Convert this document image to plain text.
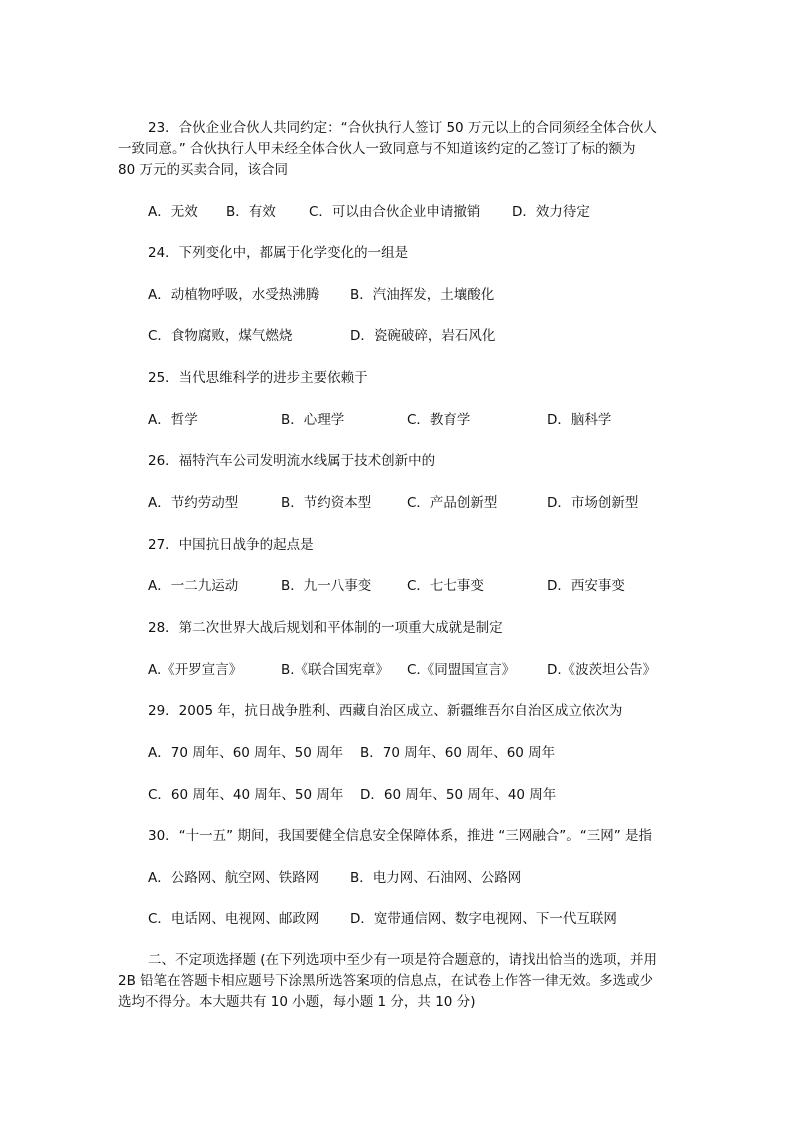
23．合伙企业合伙人共同约定：“合伙执行人签订 50 万元以上的合同须经全体合伙人
一致同意。” 合伙执行人甲未经全体合伙人一致同意与不知道该约定的乙签订了标的额为
80 万元的买卖合同，该合同
A．无效 B．有效 C．可以由合伙企业申请撤销 D．效力待定
24．下列变化中，都属于化学变化的一组是
A．动植物呼吸，水受热沸腾 B．汽油挥发，土壤酸化
C．食物腐败，煤气燃烧	D．瓷碗破碎，岩石风化
25．当代思维科学的进步主要依赖于
A．哲学	B．心理学	C．教育学	D．脑科学
26．福特汽车公司发明流水线属于技术创新中的
A．节约劳动型	B．节约资本型	C．产品创新型	D．市场创新型
27．中国抗日战争的起点是
A．一二九运动	B．九一八事变	C．七七事变	D．西安事变
28．第二次世界大战后规划和平体制的一项重大成就是制定
A.《开罗宣言》	B.《联合国宪章》 C.《同盟国宣言》 D.《波茨坦公告》
29．2005 年，抗日战争胜利、西藏自治区成立、新疆维吾尔自治区成立依次为
A．70 周年、60 周年、50 周年 B．70 周年、60 周年、60 周年
C．60 周年、40 周年、50 周年 D．60 周年、50 周年、40 周年
30．“十一五” 期间，我国要健全信息安全保障体系，推进 “三网融合”。“三网” 是指
A．公路网、航空网、铁路网 B．电力网、石油网、公路网
C．电话网、电视网、邮政网 D．宽带通信网、数字电视网、下一代互联网
二、不定项选择题 (在下列选项中至少有一项是符合题意的，请找出恰当的选项，并用
2B 铅笔在答题卡相应题号下涂黑所选答案项的信息点，在试卷上作答一律无效。多选或少
选均不得分。本大题共有 10 小题，每小题 1 分，共 10 分)
